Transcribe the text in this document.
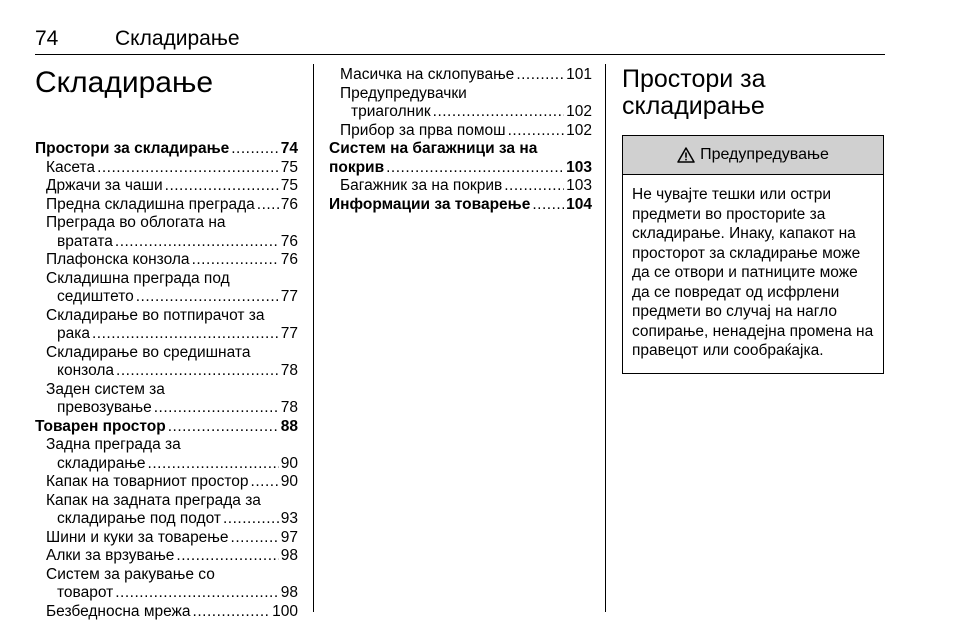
74	Складирање
Складирање
Простори за складирање .....	74
Касета .....	75
Држачи за чаши .....	75
Предна складишна преграда ..... 76
Преграда во облогата на
вратата .....	76
Плафонска конзола .....	76
Складишна преграда под
седиштето .....	77
Складирање во потпирачот за
рака .....	77
Складирање во средишната
конзола .....	78
Заден систем за
превозување .....	78
Товарен простор .....	88
Задна преграда за
складирање .....	90
Капак на товарниот простор ..... 90
Капак на задната преграда за
складирање под подот .....	93
Шини и куки за товарење .....	97
Алки за врзување .....	98
Систем за ракување со
товарот .....	98
Безбедносна мрежа .....	100
Масичка на склопување .....	101
Предупредувачки
триаголник .....	102
Прибор за прва помош .....	102
Систем на багажници за на
покрив .....	103
Багажник за на покрив .....	103
Информации за товарење ..... 104
Простори за
складирање
Предупредување
Не чувајте тешки или остри предмети во просториte за складирање. Инаку, капакот на просторот за складирање може да се отвори и патниците може да се повредат од исфрлени предмети во случај на нагло сопирање, ненадејна промена на правецот или сообраќајка.
